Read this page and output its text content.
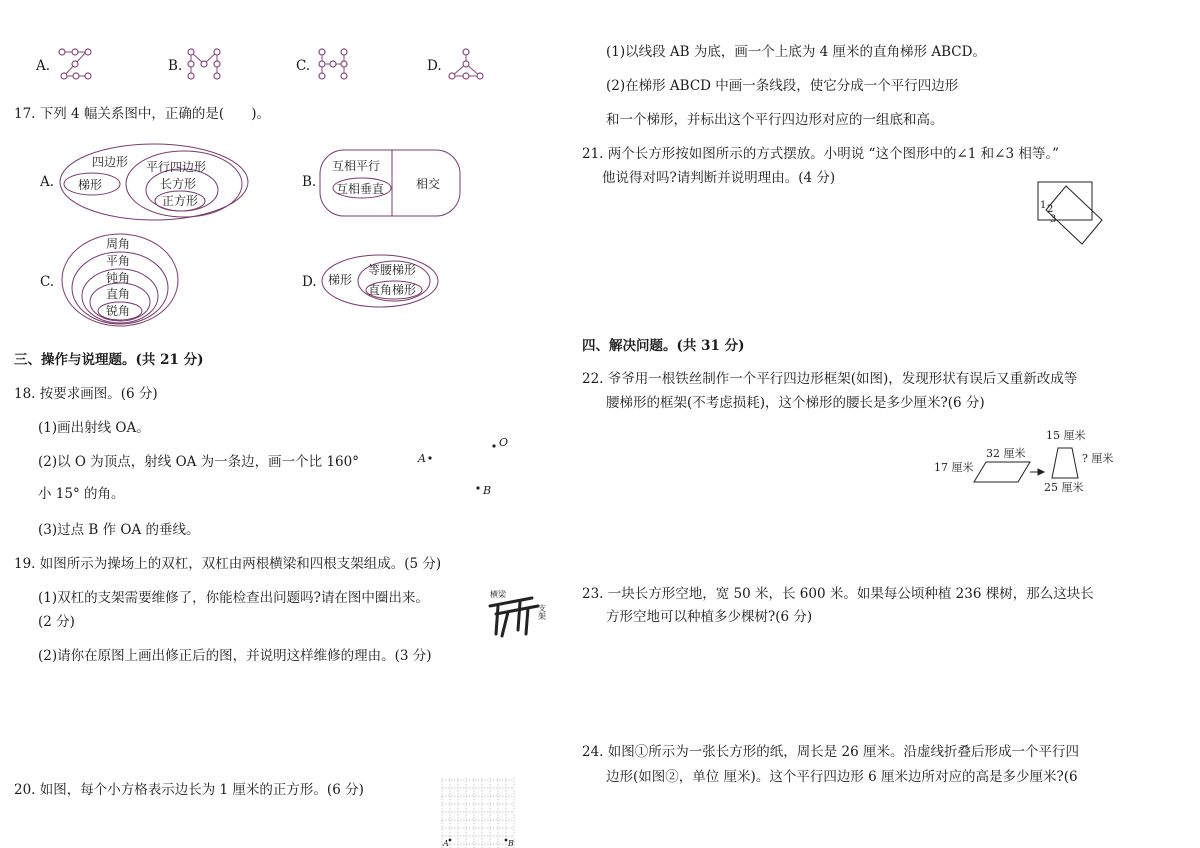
A.	B.	C.	D.
17. 下列 4 幅关系图中，正确的是(　　)。
A.
四边形
梯形
平行四边形
长方形
正方形
B.
互相平行
互相垂直	相交
C.
周角
平角
钝角
直角
锐角
D. 梯形
等腰梯形
直角梯形
三、操作与说理题。(共 21 分)
18. 按要求画图。(6 分)
(1)画出射线 OA。
(2)以 O 为顶点，射线 OA 为一条边，画一个比 160°
小 15° 的角。
(3)过点 B 作 OA 的垂线。
A
O
B
19. 如图所示为操场上的双杠，双杠由两根横梁和四根支架组成。(5 分)
(1)双杠的支架需要维修了，你能检查出问题吗?请在图中圈出来。
(2 分)
(2)请你在原图上画出修正后的图，并说明这样维修的理由。(3 分)
横梁
支架
20. 如图，每个小方格表示边长为 1 厘米的正方形。(6 分)
A	B
(1)以线段 AB 为底，画一个上底为 4 厘米的直角梯形 ABCD。
(2)在梯形 ABCD 中画一条线段，使它分成一个平行四边形
和一个梯形，并标出这个平行四边形对应的一组底和高。
21. 两个长方形按如图所示的方式摆放。小明说 “这个图形中的∠1 和∠3 相等。”
他说得对吗?请判断并说明理由。(4 分)
1 2
3
四、解决问题。(共 31 分)
22. 爷爷用一根铁丝制作一个平行四边形框架(如图)，发现形状有误后又重新改成等
腰梯形的框架(不考虑损耗)，这个梯形的腰长是多少厘米?(6 分)
17 厘米
32 厘米
15 厘米
? 厘米
25 厘米
23. 一块长方形空地，宽 50 米，长 600 米。如果每公顷种植 236 棵树，那么这块长
方形空地可以种植多少棵树?(6 分)
24. 如图①所示为一张长方形的纸，周长是 26 厘米。沿虚线折叠后形成一个平行四
边形(如图②，单位 厘米)。这个平行四边形 6 厘米边所对应的高是多少厘米?(6
